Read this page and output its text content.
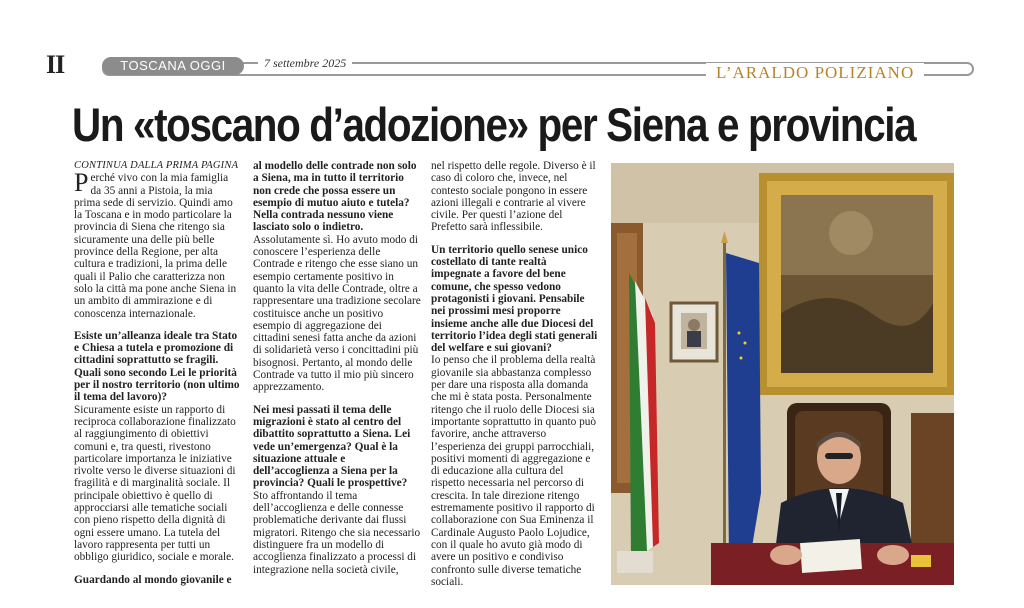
II	TOSCANA OGGI	7 settembre 2025	L’ARALDO POLIZIANO
Un «toscano d’adozione» per Siena e provincia

CONTINUA DALLA PRIMA PAGINA

Perché vivo con la mia famiglia da 35 anni a Pistoia, la mia prima sede di servizio. Quindi amo la Toscana e in modo particolare la provincia di Siena che ritengo sia sicuramente una delle più belle province della Regione, per alta cultura e tradizioni, la prima delle quali il Palio che caratterizza non solo la città ma pone anche Siena in un ambito di ammirazione e di conoscenza internazionale.

Esiste un’alleanza ideale tra Stato e Chiesa a tutela e promozione di cittadini soprattutto se fragili. Quali sono secondo Lei le priorità per il nostro territorio (non ultimo il tema del lavoro)?

Sicuramente esiste un rapporto di reciproca collaborazione finalizzato al raggiungimento di obiettivi comuni e, tra questi, rivestono particolare importanza le iniziative rivolte verso le diverse situazioni di fragilità e di marginalità sociale. Il principale obiettivo è quello di approcciarsi alle tematiche sociali con pieno rispetto della dignità di ogni essere umano. La tutela del lavoro rappresenta per tutti un obbligo giuridico, sociale e morale.

Guardando al mondo giovanile e

al modello delle contrade non solo a Siena, ma in tutto il territorio non crede che possa essere un esempio di mutuo aiuto e tutela? Nella contrada nessuno viene lasciato solo o indietro.

Assolutamente sì. Ho avuto modo di conoscere l’esperienza delle Contrade e ritengo che esse siano un esempio certamente positivo in quanto la vita delle Contrade, oltre a rappresentare una tradizione secolare costituisce anche un positivo esempio di aggregazione dei cittadini senesi fatta anche da azioni di solidarietà verso i concittadini più bisognosi. Pertanto, al mondo delle Contrade va tutto il mio più sincero apprezzamento.

Nei mesi passati il tema delle migrazioni è stato al centro del dibattito soprattutto a Siena. Lei vede un’emergenza? Qual è la situazione attuale e dell’accoglienza a Siena per la provincia? Quali le prospettive?

Sto affrontando il tema dell’accoglienza e delle connesse problematiche derivante dai flussi migratori. Ritengo che sia necessario distinguere fra un modello di accoglienza finalizzato a processi di integrazione nella società civile,

nel rispetto delle regole. Diverso è il caso di coloro che, invece, nel contesto sociale pongono in essere azioni illegali e contrarie al vivere civile. Per questi l’azione del Prefetto sarà inflessibile.

Un territorio quello senese unico costellato di tante realtà impegnate a favore del bene comune, che spesso vedono protagonisti i giovani. Pensabile nei prossimi mesi proporre insieme anche alle due Diocesi del territorio l’idea degli stati generali del welfare e sui giovani?

Io penso che il problema della realtà giovanile sia abbastanza complesso per dare una risposta alla domanda che mi è stata posta. Personalmente ritengo che il ruolo delle Diocesi sia importante soprattutto in quanto può favorire, anche attraverso l’esperienza dei gruppi parrocchiali, positivi momenti di aggregazione e di educazione alla cultura del rispetto necessaria nel percorso di crescita. In tale direzione ritengo estremamente positivo il rapporto di collaborazione con Sua Eminenza il Cardinale Augusto Paolo Lojudice, con il quale ho avuto già modo di avere un positivo e condiviso confronto sulle diverse tematiche sociali.
